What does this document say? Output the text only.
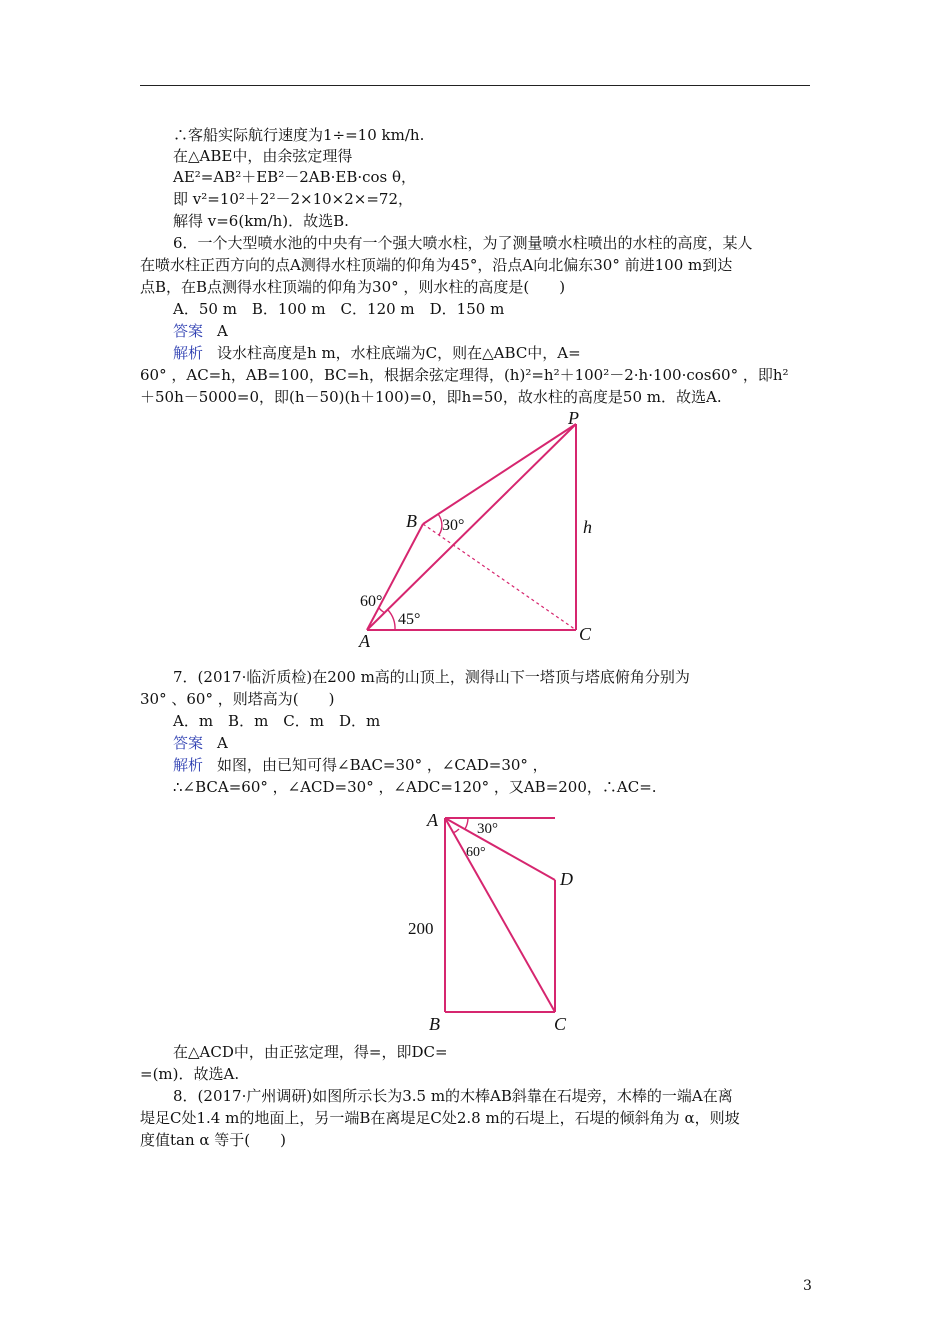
∴客船实际航行速度为1÷=10 km/h.
在△ABE中，由余弦定理得
AE²=AB²＋EB²－2AB·EB·cos θ，
即 v²=10²＋2²－2×10×2×=72，
解得 v=6(km/h)．故选B.
6．一个大型喷水池的中央有一个强大喷水柱，为了测量喷水柱喷出的水柱的高度，某人
在喷水柱正西方向的点A测得水柱顶端的仰角为45°，沿点A向北偏东30° 前进100 m到达
点B，在B点测得水柱顶端的仰角为30° ，则水柱的高度是(　　)
A．50 m　B．100 m　C．120 m　D．150 m
答案 A
解析 设水柱高度是h m，水柱底端为C，则在△ABC中，A=
60° ，AC=h，AB=100，BC=h，根据余弦定理得，(h)²=h²＋100²－2·h·100·cos60° ，即h²
＋50h－5000=0，即(h－50)(h＋100)=0，即h=50，故水柱的高度是50 m．故选A.
P
B
A	C
h
30°
60°
45°
7．(2017·临沂质检)在200 m高的山顶上，测得山下一塔顶与塔底俯角分别为
30° 、60° ，则塔高为(　　)
A．m　B．m　C．m　D．m
答案 A
解析 如图，由已知可得∠BAC=30° ，∠CAD=30° ，
∴∠BCA=60° ，∠ACD=30° ，∠ADC=120° ，又AB=200，∴AC=.
A
D
B	C
200
30°
60°
在△ACD中，由正弦定理，得=，即DC=
=(m)．故选A.
8．(2017·广州调研)如图所示长为3.5 m的木棒AB斜靠在石堤旁，木棒的一端A在离
堤足C处1.4 m的地面上，另一端B在离堤足C处2.8 m的石堤上，石堤的倾斜角为 α，则坡
度值tan α 等于(　　)
3
